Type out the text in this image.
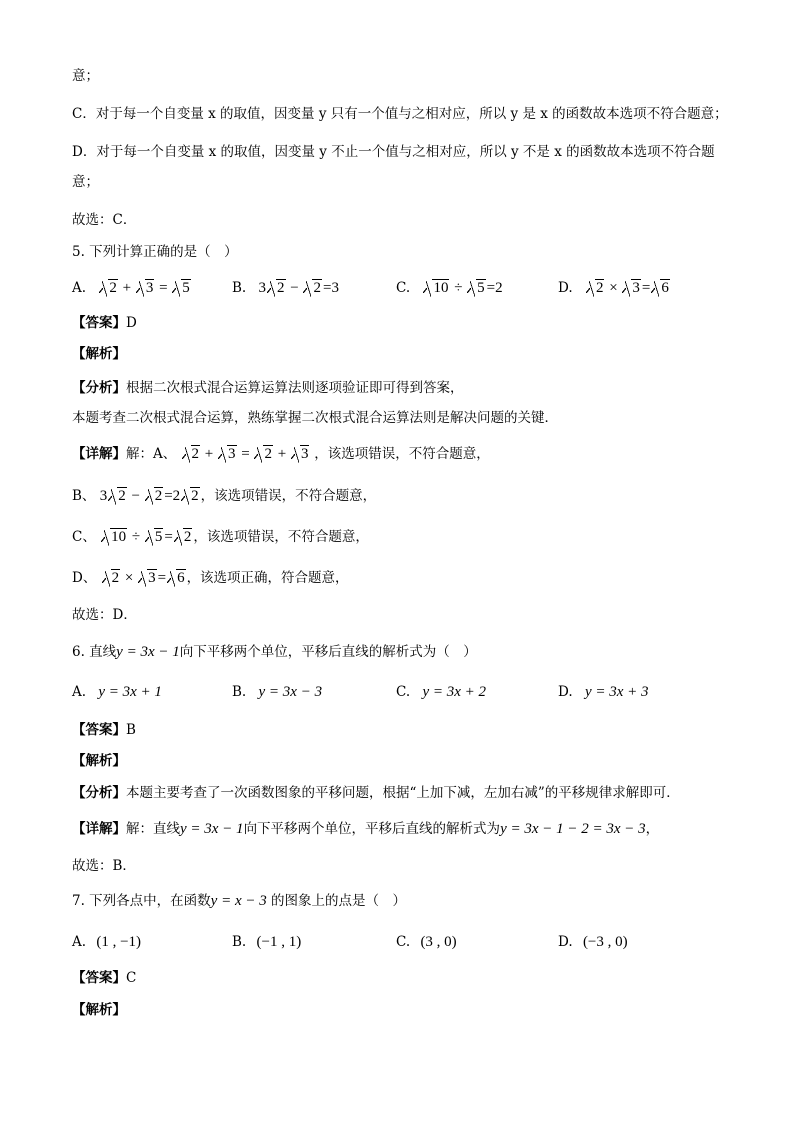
意；
C．对于每一个自变量 x 的取值，因变量 y 只有一个值与之相对应，所以 y 是 x 的函数故本选项不符合题意；
D．对于每一个自变量 x 的取值，因变量 y 不止一个值与之相对应，所以 y 不是 x 的函数故本选项不符合题
意；
故选：C．
5. 下列计算正确的是（　）
A. 2 + 3 = 5	B. 3 2 − 2 =3	C. 10 ÷ 5 =2	D. 2 × 3 = 6
【答案】D
【解析】
【分析】根据二次根式混合运算运算法则逐项验证即可得到答案，
本题考查二次根式混合运算，熟练掌握二次根式混合运算法则是解决问题的关键．
【详解】解：A、 2 + 3 = 2 + 3 ，该选项错误，不符合题意，
B、 3 2 − 2 =2 2 ，该选项错误，不符合题意，
C、 10 ÷ 5 = 2 ，该选项错误，不符合题意，
D、 2 × 3 = 6 ，该选项正确，符合题意，
故选：D．
6. 直线y = 3x − 1向下平移两个单位，平移后直线的解析式为（　）
A. y = 3x + 1	B. y = 3x − 3	C. y = 3x + 2	D. y = 3x + 3
【答案】B
【解析】
【分析】本题主要考查了一次函数图象的平移问题，根据“上加下减，左加右减”的平移规律求解即可．
【详解】解：直线y = 3x − 1向下平移两个单位，平移后直线的解析式为y = 3x − 1 − 2 = 3x − 3，
故选：B．
7. 下列各点中，在函数y = x − 3 的图象上的点是（　）
A. (1 , −1)	B. (−1 , 1)	C. (3 , 0)	D. (−3 , 0)
【答案】C
【解析】
